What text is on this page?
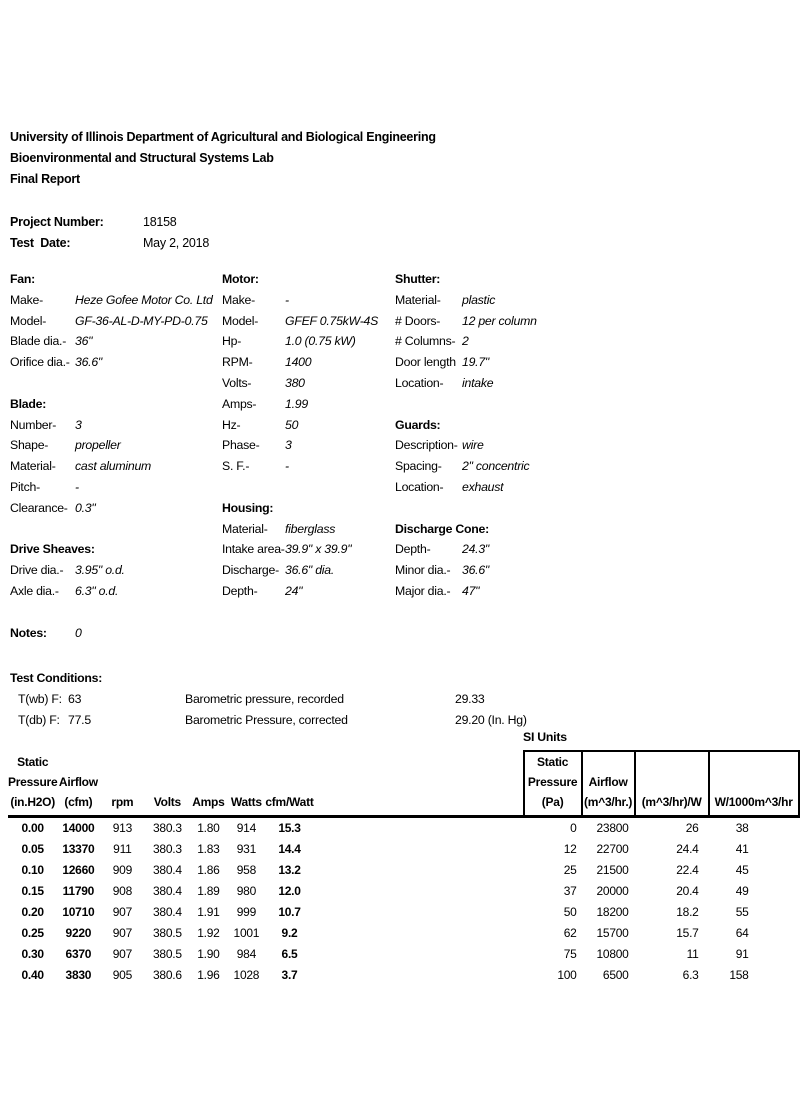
University of Illinois Department of Agricultural and Biological Engineering
Bioenvironmental and Structural Systems Lab
Final Report
Project Number:	18158
Test  Date:	May 2, 2018
Fan:
Make-	Heze Gofee Motor Co. Ltd
Model-	GF-36-AL-D-MY-PD-0.75
Blade dia.- 36"
Orifice dia.- 36.6"
Blade:
Number-	3
Shape-	propeller
Material-	cast aluminum
Pitch-	-
Clearance- 0.3"
Drive Sheaves:
Drive dia.- 3.95" o.d.
Axle dia.-	6.3" o.d.
Notes:	0
Motor:
Make-	-
Model-	GFEF 0.75kW-4S
Hp-	1.0 (0.75 kW)
RPM-	1400
Volts-	380
Amps-	1.99
Hz-	50
Phase-	3
S. F.-	-
Housing:
Material-	fiberglass
Intake area- 39.9" x 39.9"
Discharge- 36.6" dia.
Depth-	24"
Shutter:
Material-	plastic
# Doors-	12 per column
# Columns- 2
Door length 19.7"
Location-	intake
Guards:
Description- wire
Spacing-	2" concentric
Location-	exhaust
Discharge Cone:
Depth-	24.3"
Minor dia.- 36.6"
Major dia.- 47"
Test Conditions:
T(wb) F: 63	Barometric pressure, recorded	29.33
T(db) F: 77.5	Barometric Pressure, corrected	29.20 (In. Hg)
SI Units
Static
Pressure
(in.H2O)

Airflow
(cfm)	rpm	Volts	Amps	Watts	cfm/Watt

Static
Pressure
(Pa)

Airflow
(m^3/hr.)	(m^3/hr)/W	W/1000m^3/hr

0.00	14000	913	380.3	1.80	914	15.3		0	23800	26	38
0.05	13370	911	380.3	1.83	931	14.4		12	22700	24.4	41
0.10	12660	909	380.4	1.86	958	13.2		25	21500	22.4	45
0.15	11790	908	380.4	1.89	980	12.0		37	20000	20.4	49
0.20	10710	907	380.4	1.91	999	10.7		50	18200	18.2	55
0.25	9220	907	380.5	1.92	1001	9.2		62	15700	15.7	64
0.30	6370	907	380.5	1.90	984	6.5		75	10800	11	91
0.40	3830	905	380.6	1.96	1028	3.7		100	6500	6.3	158
